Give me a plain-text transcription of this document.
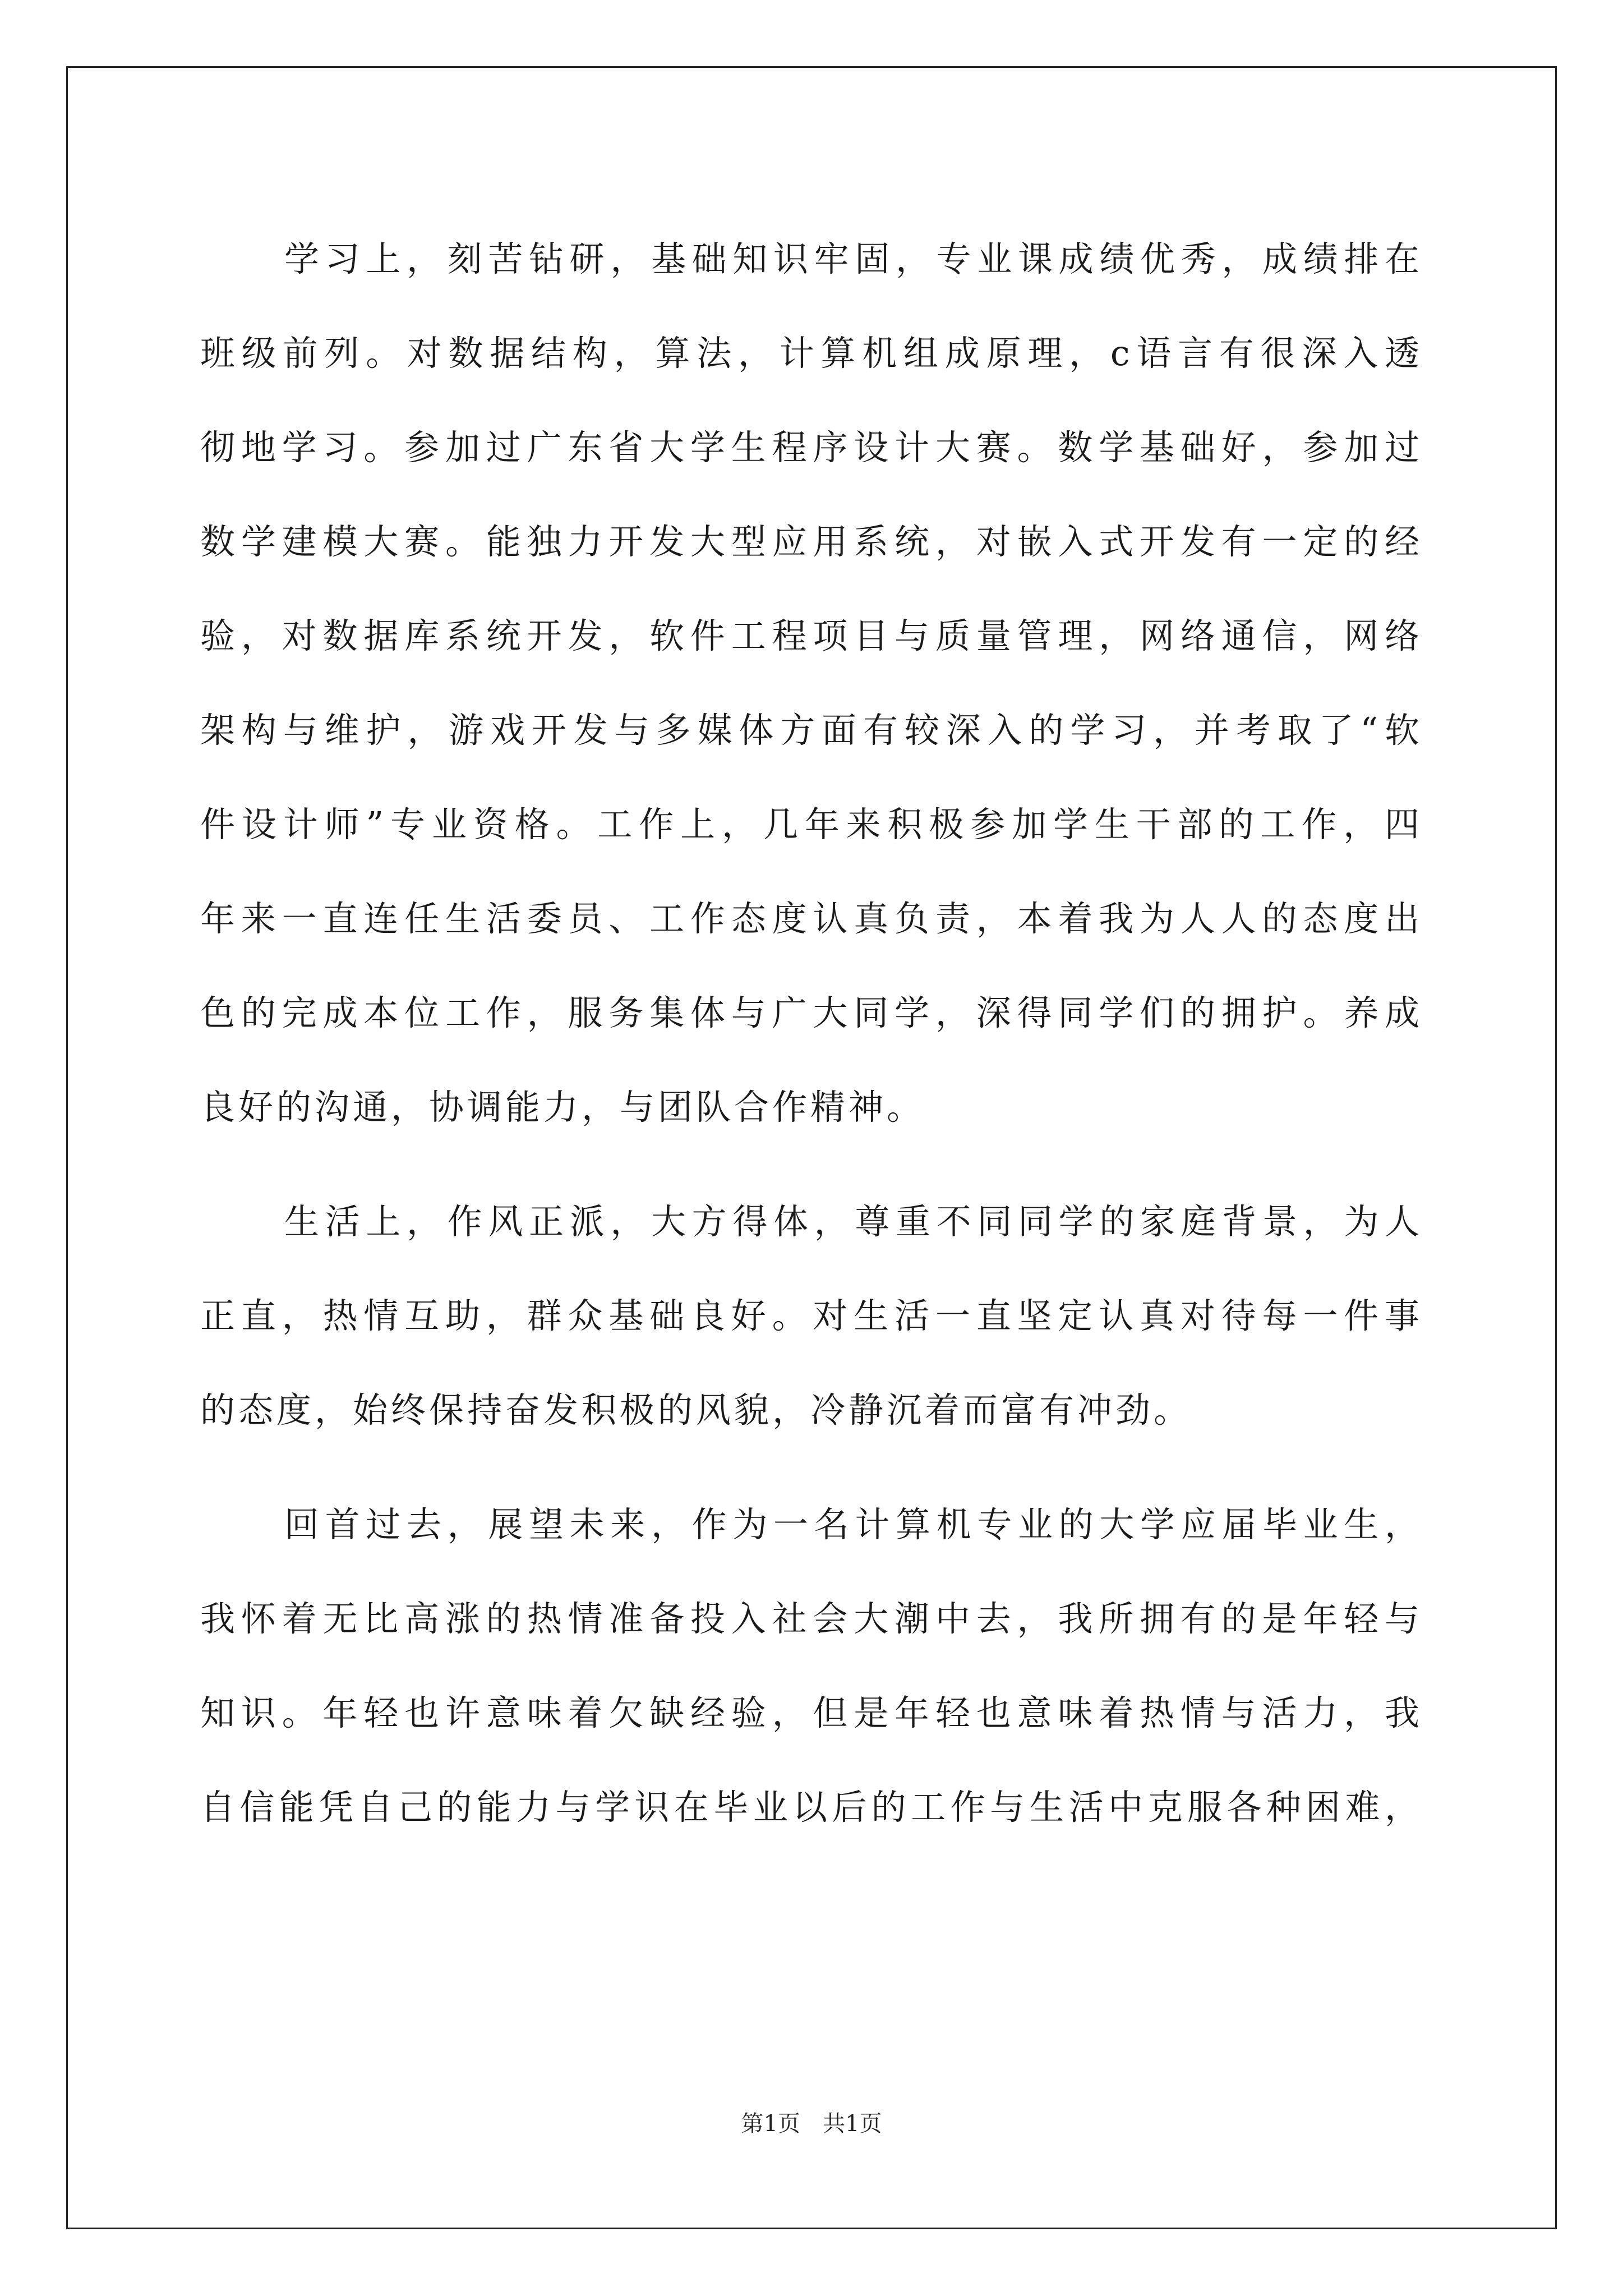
学习上，刻苦钻研，基础知识牢固，专业课成绩优秀，成绩排在
班级前列。对数据结构，算法，计算机组成原理，c语言有很深入透
彻地学习。参加过广东省大学生程序设计大赛。数学基础好，参加过
数学建模大赛。能独力开发大型应用系统，对嵌入式开发有一定的经
验，对数据库系统开发，软件工程项目与质量管理，网络通信，网络
架构与维护，游戏开发与多媒体方面有较深入的学习，并考取了“软
件设计师”专业资格。工作上，几年来积极参加学生干部的工作，四
年来一直连任生活委员、工作态度认真负责，本着我为人人的态度出
色的完成本位工作，服务集体与广大同学，深得同学们的拥护。养成
良好的沟通，协调能力，与团队合作精神。
生活上，作风正派，大方得体，尊重不同同学的家庭背景，为人
正直，热情互助，群众基础良好。对生活一直坚定认真对待每一件事
的态度，始终保持奋发积极的风貌，冷静沉着而富有冲劲。
回首过去，展望未来，作为一名计算机专业的大学应届毕业生，
我怀着无比高涨的热情准备投入社会大潮中去，我所拥有的是年轻与
知识。年轻也许意味着欠缺经验，但是年轻也意味着热情与活力，我
自信能凭自己的能力与学识在毕业以后的工作与生活中克服各种困难，
第1页　共1页
